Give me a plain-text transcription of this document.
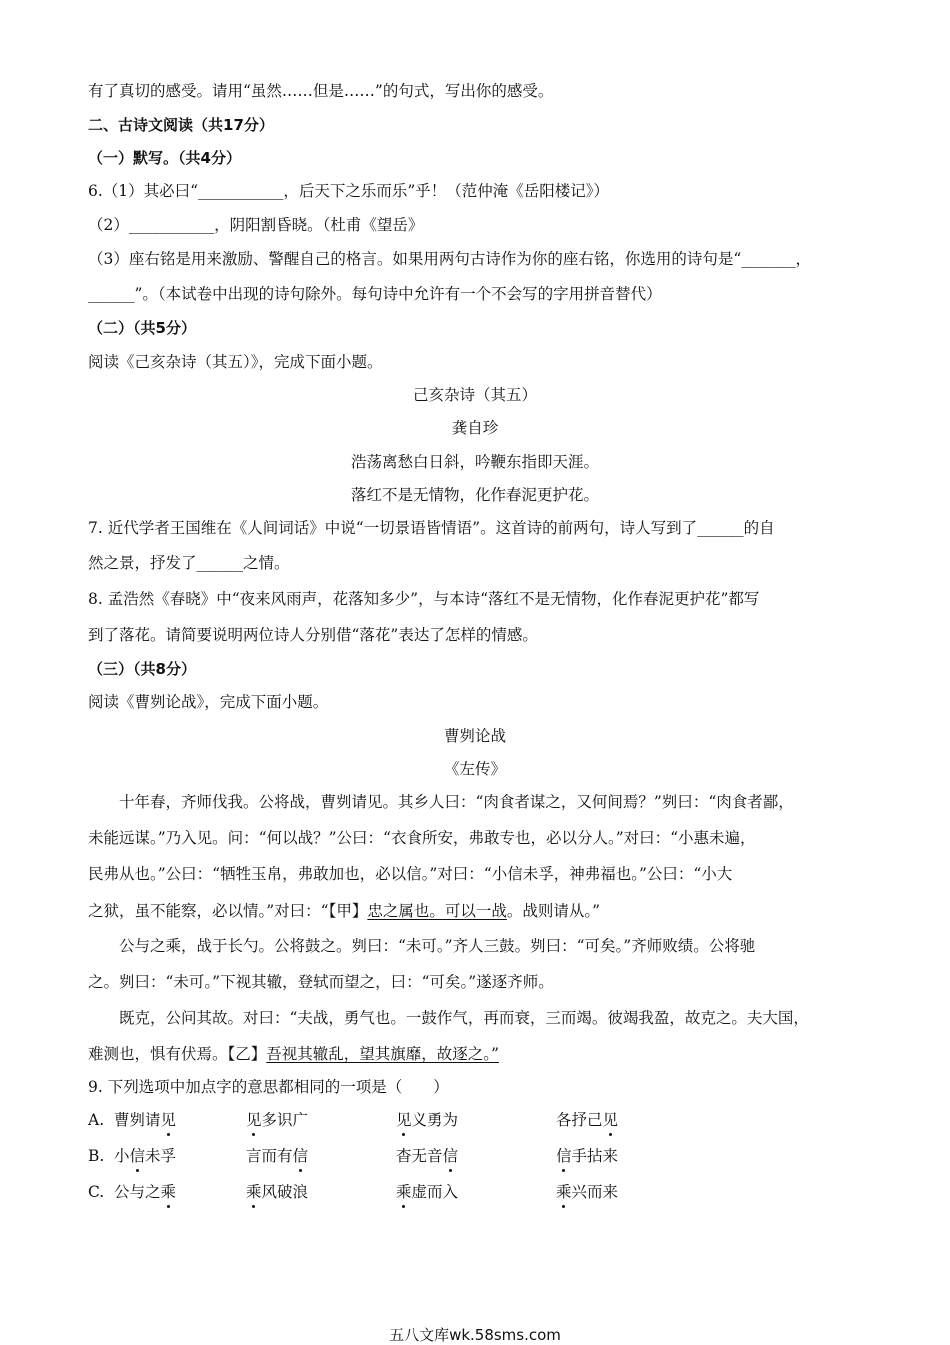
有了真切的感受。请用“虽然……但是……”的句式，写出你的感受。
二、古诗文阅读（共17分）
（一）默写。（共4分）
6.（1）其必曰“___________，后天下之乐而乐”乎！（范仲淹《岳阳楼记》）
（2）___________，阴阳割昏晓。（杜甫《望岳》
（3）座右铭是用来激励、警醒自己的格言。如果用两句古诗作为你的座右铭，你选用的诗句是“_______，
______”。（本试卷中出现的诗句除外。每句诗中允许有一个不会写的字用拼音替代）
（二）（共5分）
阅读《己亥杂诗（其五）》，完成下面小题。
己亥杂诗（其五）
龚自珍
浩荡离愁白日斜，吟鞭东指即天涯。
落红不是无情物，化作春泥更护花。
7. 近代学者王国维在《人间词话》中说“一切景语皆情语”。这首诗的前两句，诗人写到了______的自
然之景，抒发了______之情。
8. 孟浩然《春晓》中“夜来风雨声，花落知多少”，与本诗“落红不是无情物，化作春泥更护花”都写
到了落花。请简要说明两位诗人分别借“落花”表达了怎样的情感。
（三）（共8分）
阅读《曹刿论战》，完成下面小题。
曹刿论战
《左传》
十年春，齐师伐我。公将战，曹刿请见。其乡人曰：“肉食者谋之，又何间焉？”刿曰：“肉食者鄙，
未能远谋。”乃入见。问：“何以战？”公曰：“衣食所安，弗敢专也，必以分人。”对曰：“小惠未遍，
民弗从也。”公曰：“牺牲玉帛，弗敢加也，必以信。”对曰：“小信未孚，神弗福也。”公曰：“小大
之狱，虽不能察，必以情。”对曰：“【甲】忠之属也。可以一战。战则请从。”
公与之乘，战于长勺。公将鼓之。刿曰：“未可。”齐人三鼓。刿曰：“可矣。”齐师败绩。公将驰
之。刿曰：“未可。”下视其辙，登轼而望之，曰：“可矣。”遂逐齐师。
既克，公问其故。对曰：“夫战，勇气也。一鼓作气，再而衰，三而竭。彼竭我盈，故克之。夫大国，
难测也，惧有伏焉。【乙】吾视其辙乱，望其旗靡，故逐之。”
9. 下列选项中加点字的意思都相同的一项是（　　）
A. 曹刿请见	见多识广	见义勇为	各抒己见
B. 小信未孚	言而有信	杳无音信	信手拈来
C. 公与之乘	乘风破浪	乘虚而入	乘兴而来
五八文库wk.58sms.com
